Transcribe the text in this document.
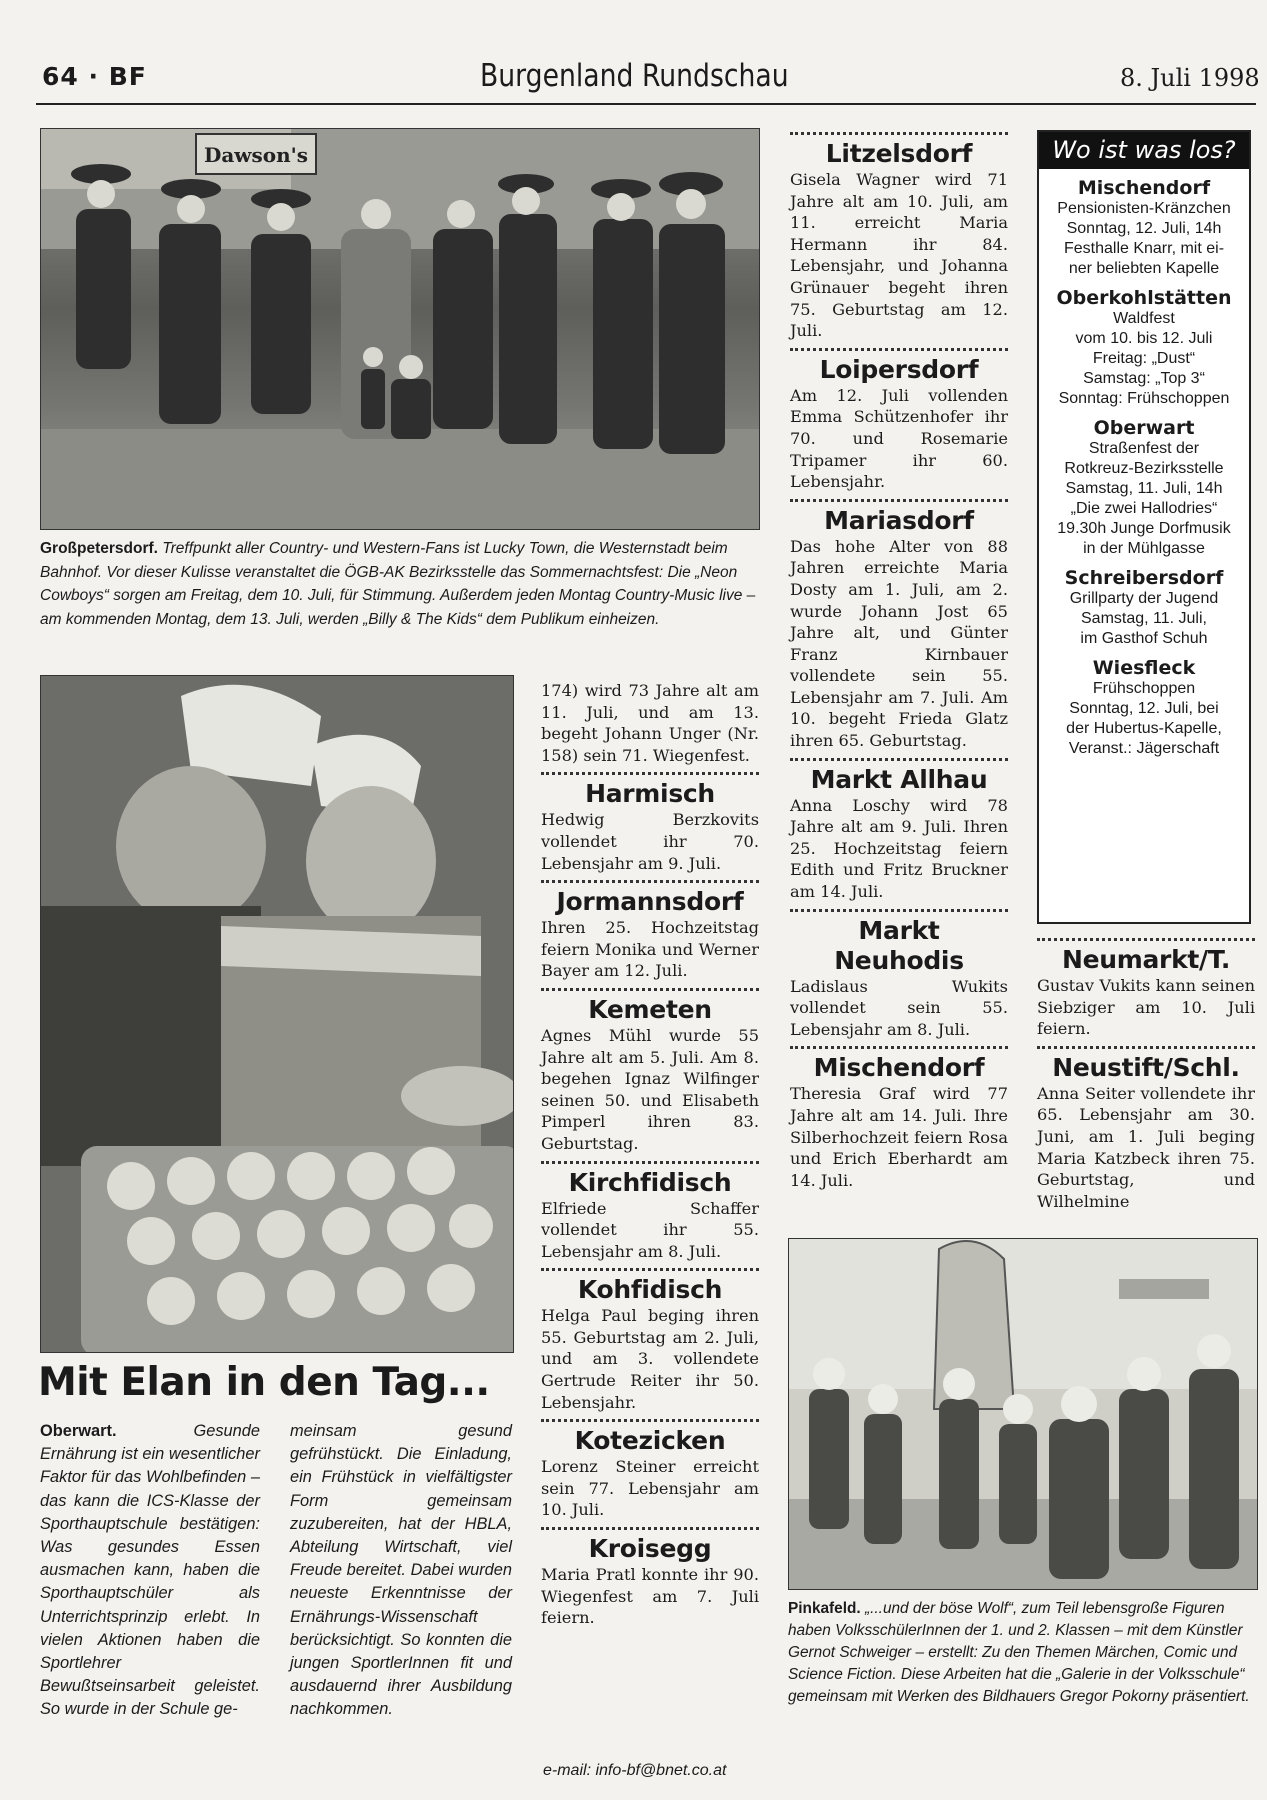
64 · BF	Burgenland Rundschau	8. Juli 1998
Dawson's
Großpetersdorf. Treffpunkt aller Country- und Western-Fans ist Lucky Town, die Westernstadt beim Bahnhof. Vor dieser Kulisse veranstaltet die ÖGB-AK Bezirksstelle das Sommernachtsfest: Die „Neon Cowboys“ sorgen am Freitag, dem 10. Juli, für Stimmung. Außerdem jeden Montag Country-Music live – am kommenden Montag, dem 13. Juli, werden „Billy & The Kids“ dem Publikum einheizen.
Mit Elan in den Tag...
Oberwart.	Gesunde Ernährung ist ein wesentlicher Faktor für das Wohlbefinden – das kann die ICS-Klasse der Sporthauptschule bestätigen: Was gesundes Essen ausmachen kann, haben die Sporthauptschüler als Unterrichtsprinzip erlebt. In vielen Aktionen haben die Sportlehrer Bewußtseinsarbeit geleistet. So wurde in der Schule ge-
meinsam gesund gefrühstückt. Die Einladung, ein Frühstück in vielfältigster Form gemeinsam zuzubereiten, hat der HBLA, Abteilung Wirtschaft, viel Freude bereitet. Dabei wurden neueste Erkenntnisse der Ernährungs-Wissenschaft berücksichtigt. So konnten die jungen SportlerInnen fit und ausdauernd ihrer Ausbildung nachkommen.
174) wird 73 Jahre alt am 11. Juli, und am 13. begeht Johann Unger (Nr. 158) sein 71. Wiegenfest.
Harmisch
Hedwig Berzkovits vollendet ihr 70. Lebensjahr am 9. Juli.
Jormannsdorf
Ihren 25. Hochzeitstag feiern Monika und Werner Bayer am 12. Juli.
Kemeten
Agnes Mühl wurde 55 Jahre alt am 5. Juli. Am 8. begehen Ignaz Wilfinger seinen 50. und Elisabeth Pimperl ihren 83. Geburtstag.
Kirchfidisch
Elfriede Schaffer vollendet ihr 55. Lebensjahr am 8. Juli.
Kohfidisch
Helga Paul beging ihren 55. Geburtstag am 2. Juli, und am 3. vollendete Gertrude Reiter ihr 50. Lebensjahr.
Kotezicken
Lorenz Steiner erreicht sein 77. Lebensjahr am 10. Juli.
Kroisegg
Maria Pratl konnte ihr 90. Wiegenfest am 7. Juli feiern.
e-mail: info-bf@bnet.co.at
Litzelsdorf
Gisela Wagner wird 71 Jahre alt am 10. Juli, am 11. erreicht Maria Hermann ihr 84. Lebensjahr, und Johanna Grünauer begeht ihren 75. Geburtstag am 12. Juli.
Loipersdorf
Am 12. Juli vollenden Emma Schützenhofer ihr 70. und Rosemarie Tripamer ihr 60. Lebensjahr.
Mariasdorf
Das hohe Alter von 88 Jahren erreichte Maria Dosty am 1. Juli, am 2. wurde Johann Jost 65 Jahre alt, und Günter Franz Kirnbauer vollendete sein 55. Lebensjahr am 7. Juli. Am 10. begeht Frieda Glatz ihren 65. Geburtstag.
Markt Allhau
Anna Loschy wird 78 Jahre alt am 9. Juli. Ihren 25. Hochzeitstag feiern Edith und Fritz Bruckner am 14. Juli.
Markt Neuhodis
Ladislaus Wukits vollendet sein 55. Lebensjahr am 8. Juli.
Mischendorf
Theresia Graf wird 77 Jahre alt am 14. Juli. Ihre Silberhochzeit feiern Rosa und Erich Eberhardt am 14. Juli.
Wo ist was los?
Mischendorf
Pensionisten-Kränzchen
Sonntag, 12. Juli, 14h
Festhalle Knarr, mit ei-
ner beliebten Kapelle
Oberkohlstätten
Waldfest
vom 10. bis 12. Juli
Freitag: „Dust“
Samstag: „Top 3“
Sonntag: Frühschoppen
Oberwart
Straßenfest der
Rotkreuz-Bezirksstelle
Samstag, 11. Juli, 14h
„Die zwei Hallodries“
19.30h Junge Dorfmusik
in der Mühlgasse
Schreibersdorf
Grillparty der Jugend
Samstag, 11. Juli,
im Gasthof Schuh
Wiesfleck
Frühschoppen
Sonntag, 12. Juli, bei
der Hubertus-Kapelle,
Veranst.: Jägerschaft
Neumarkt/T.
Gustav Vukits kann seinen Siebziger am 10. Juli feiern.
Neustift/Schl.
Anna Seiter vollendete ihr 65. Lebensjahr am 30. Juni, am 1. Juli beging Maria Katzbeck ihren 75. Geburtstag, und Wilhelmine
Pinkafeld. „...und der böse Wolf“, zum Teil lebensgroße Figuren haben VolksschülerInnen der 1. und 2. Klassen – mit dem Künstler Gernot Schweiger – erstellt: Zu den Themen Märchen, Comic und Science Fiction. Diese Arbeiten hat die „Galerie in der Volksschule“ gemeinsam mit Werken des Bildhauers Gregor Pokorny präsentiert.
